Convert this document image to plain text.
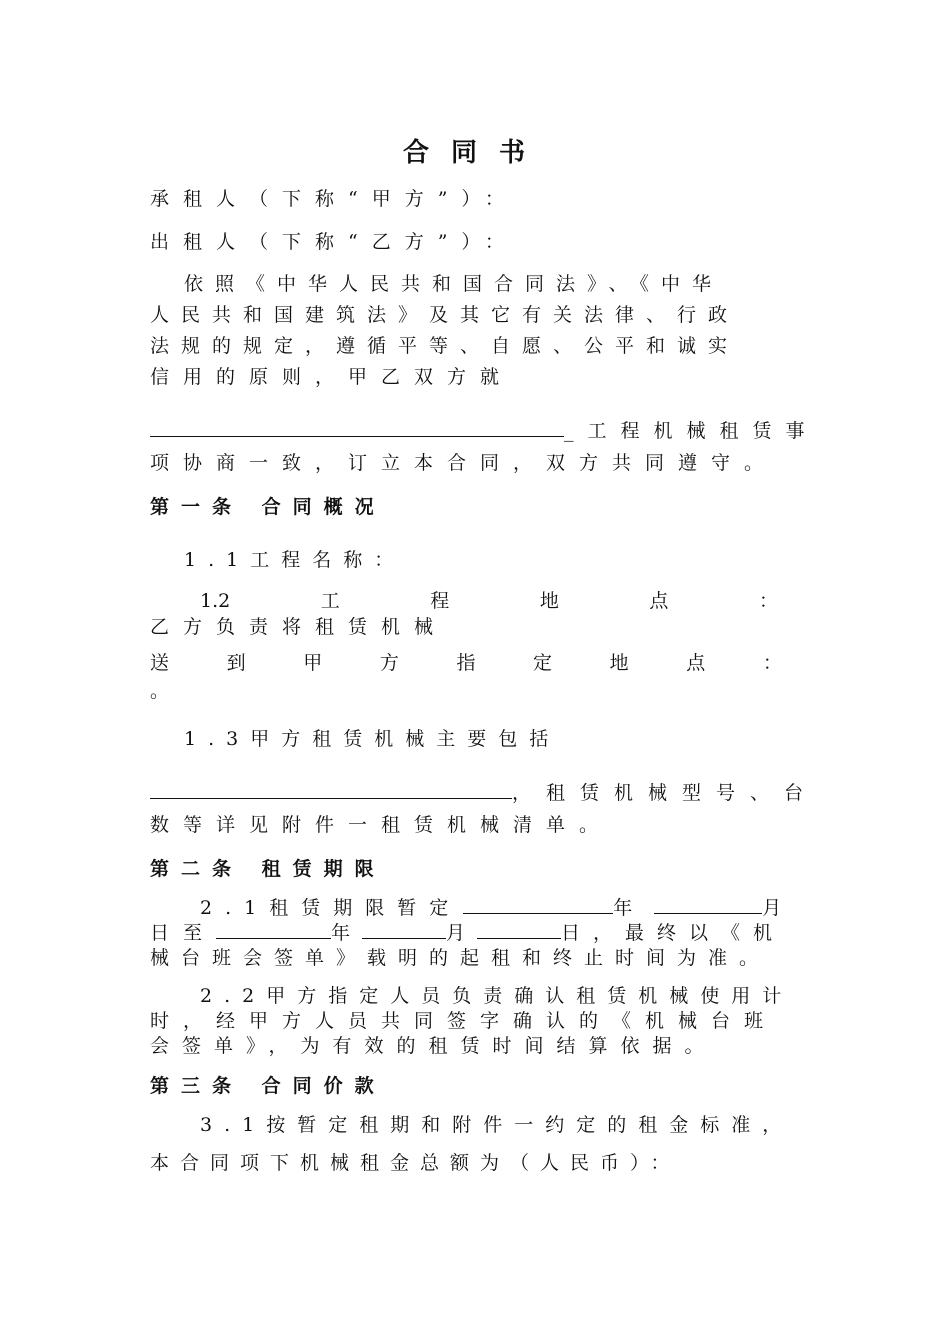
合同书
承租人（下称“甲方”）：
出租人（下称“乙方”）：
依照《中华人民共和国合同法》、《中华
人民共和国建筑法》及其它有关法律、行政
法规的规定，遵循平等、自愿、公平和诚实
信用的原则，甲乙双方就
_工程机械租赁事
项协商一致，订立本合同，双方共同遵守。
第一条 合同概况
1.1工程名称：
1.2	工	程	地	点	：
乙方负责将租赁机械
送	到	甲	方	指	定	地	点	：
。
1.3甲方租赁机械主要包括
，租赁机械型号、台
数等详见附件一租赁机械清单。
第二条 租赁期限
2.1租赁期限暂定	年	月
日至	年	月	日，最终以《机
械台班会签单》载明的起租和终止时间为准。
2.2甲方指定人员负责确认租赁机械使用计
时，经甲方人员共同签字确认的《机械台班
会签单》，为有效的租赁时间结算依据。
第三条 合同价款
3.1按暂定租期和附件一约定的租金标准，
本合同项下机械租金总额为（人民币）：
